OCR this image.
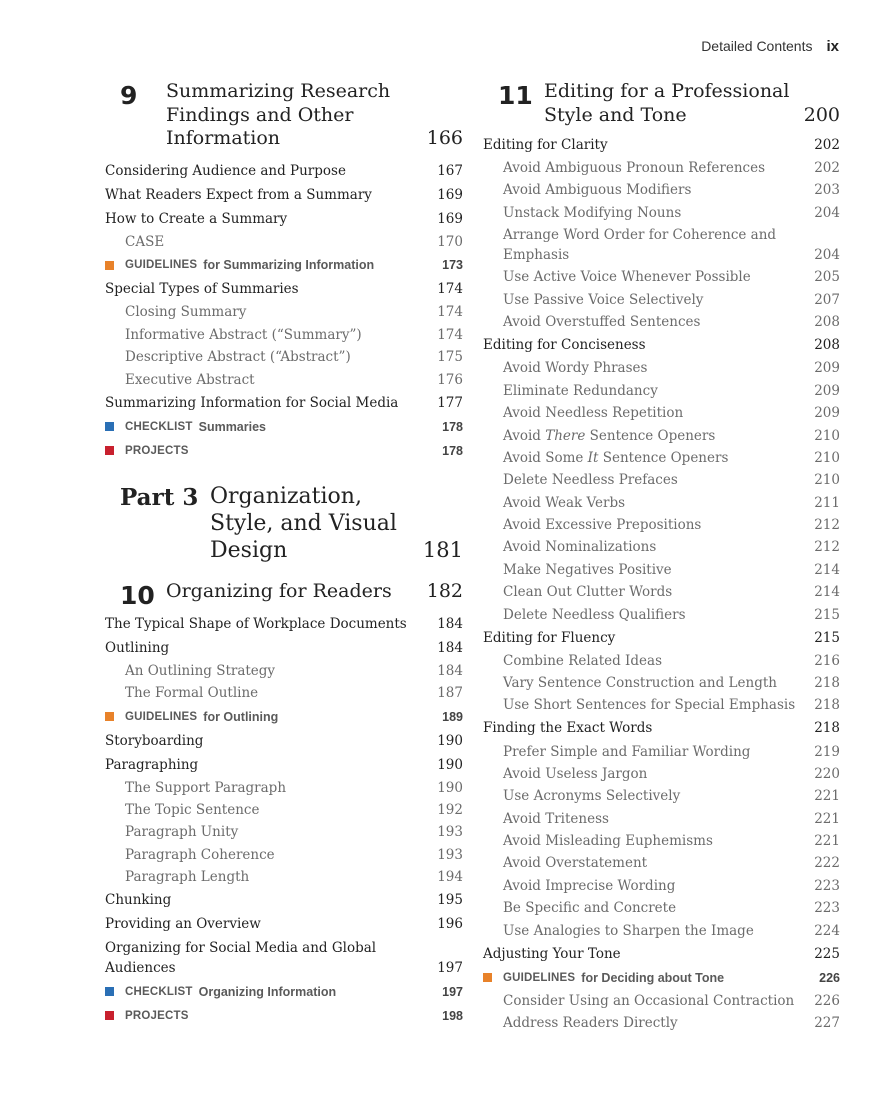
Detailed Contents ix
9 Summarizing Research
Findings and Other
Information	166
Considering Audience and Purpose	167
What Readers Expect from a Summary	169
How to Create a Summary	169
CASE	170
GUIDELINES for Summarizing Information	173
Special Types of Summaries	174
Closing Summary	174
Informative Abstract (“Summary”)	174
Descriptive Abstract (“Abstract”)	175
Executive Abstract	176
Summarizing Information for Social Media	177
CHECKLIST Summaries	178
PROJECTS	178
Part 3 Organization,
Style, and Visual
Design	181
10 Organizing for Readers	182
The Typical Shape of Workplace Documents	184
Outlining	184
An Outlining Strategy	184
The Formal Outline	187
GUIDELINES for Outlining	189
Storyboarding	190
Paragraphing	190
The Support Paragraph	190
The Topic Sentence	192
Paragraph Unity	193
Paragraph Coherence	193
Paragraph Length	194
Chunking	195
Providing an Overview	196
Organizing for Social Media and Global Audiences	197
CHECKLIST Organizing Information	197
PROJECTS	198
11 Editing for a Professional
Style and Tone	200
Editing for Clarity	202
Avoid Ambiguous Pronoun References	202
Avoid Ambiguous Modifiers	203
Unstack Modifying Nouns	204
Arrange Word Order for Coherence and Emphasis	204
Use Active Voice Whenever Possible	205
Use Passive Voice Selectively	207
Avoid Overstuffed Sentences	208
Editing for Conciseness	208
Avoid Wordy Phrases	209
Eliminate Redundancy	209
Avoid Needless Repetition	209
Avoid There Sentence Openers	210
Avoid Some It Sentence Openers	210
Delete Needless Prefaces	210
Avoid Weak Verbs	211
Avoid Excessive Prepositions	212
Avoid Nominalizations	212
Make Negatives Positive	214
Clean Out Clutter Words	214
Delete Needless Qualifiers	215
Editing for Fluency	215
Combine Related Ideas	216
Vary Sentence Construction and Length	218
Use Short Sentences for Special Emphasis	218
Finding the Exact Words	218
Prefer Simple and Familiar Wording	219
Avoid Useless Jargon	220
Use Acronyms Selectively	221
Avoid Triteness	221
Avoid Misleading Euphemisms	221
Avoid Overstatement	222
Avoid Imprecise Wording	223
Be Specific and Concrete	223
Use Analogies to Sharpen the Image	224
Adjusting Your Tone	225
GUIDELINES for Deciding about Tone	226
Consider Using an Occasional Contraction	226
Address Readers Directly	227
